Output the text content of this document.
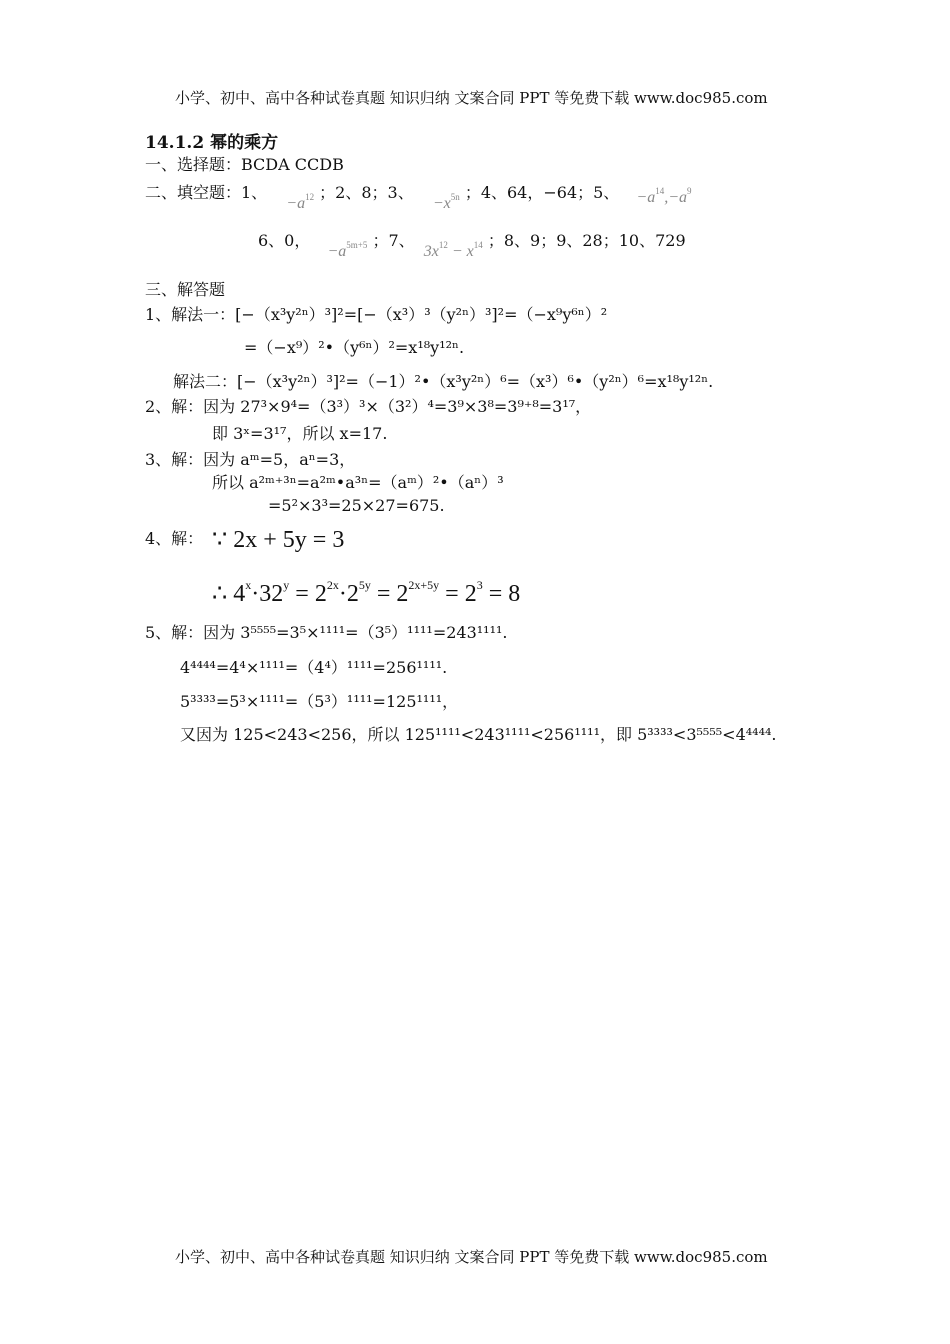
小学、初中、高中各种试卷真题 知识归纳 文案合同 PPT 等免费下载 www.doc985.com
14.1.2 幂的乘方
一、选择题：BCDA CCDB
二、填空题：1、 $-a^{12}$ ；2、8；3、 $-x^{5n}$ ；4、64，−64；5、 $-a^{14},-a^9$
6、0， $-a^{5m+5}$ ；7、 $3x^{12} - x^{14}$ ；8、9；9、28；10、729
三、解答题
1、解法一：[−（x³y²ⁿ）³]²=[−（x³）³（y²ⁿ）³]²=（−x⁹y⁶ⁿ）²
=（−x⁹）²•（y⁶ⁿ）²=x¹⁸y¹²ⁿ.
解法二：[−（x³y²ⁿ）³]²=（−1）²•（x³y²ⁿ）⁶=（x³）⁶•（y²ⁿ）⁶=x¹⁸y¹²ⁿ.
2、解：因为 27³×9⁴=（3³）³×（3²）⁴=3⁹×3⁸=3⁹⁺⁸=3¹⁷，
即 3ˣ=3¹⁷，所以 x=17.
3、解：因为 aᵐ=5，aⁿ=3，
所以 a²ᵐ⁺³ⁿ=a²ᵐ•a³ⁿ=（aᵐ）²•（aⁿ）³
=5²×3³=25×27=675.
4、解： ∵ 2x + 5y = 3
∴ $4^x\cdot 32^y = 2^{2x}\cdot 2^{5y} = 2^{2x+5y} = 2^3 = 8$
5、解：因为 3⁵⁵⁵⁵=3⁵×¹¹¹¹=（3⁵）¹¹¹¹=243¹¹¹¹.
4⁴⁴⁴⁴=4⁴×¹¹¹¹=（4⁴）¹¹¹¹=256¹¹¹¹.
5³³³³=5³×¹¹¹¹=（5³）¹¹¹¹=125¹¹¹¹，
又因为 125<243<256，所以 125¹¹¹¹<243¹¹¹¹<256¹¹¹¹，即 5³³³³<3⁵⁵⁵⁵<4⁴⁴⁴⁴.
小学、初中、高中各种试卷真题 知识归纳 文案合同 PPT 等免费下载 www.doc985.com
